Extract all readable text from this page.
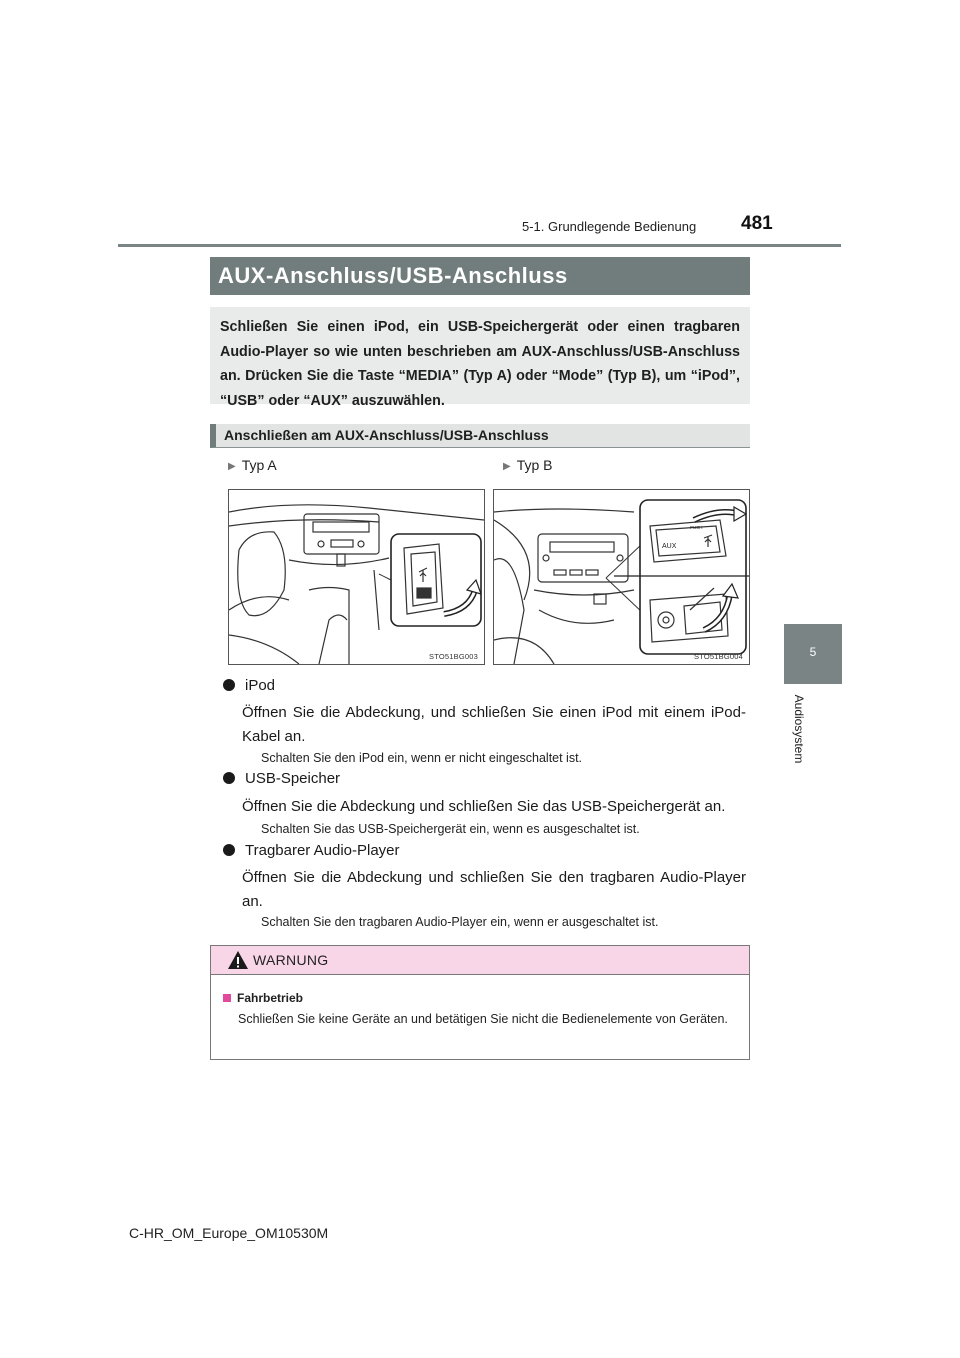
5-1. Grundlegende Bedienung 481
5
Audiosystem
AUX-Anschluss/USB-Anschluss
Schließen Sie einen iPod, ein USB-Speichergerät oder einen tragbaren Audio-Player so wie unten beschrieben am AUX-Anschluss/USB-Anschluss an. Drücken Sie die Taste “MEDIA” (Typ A) oder “Mode” (Typ B), um “iPod”, “USB” oder “AUX” auszuwählen.
Anschließen am AUX-Anschluss/USB-Anschluss
▶ Typ A	▶ Typ B
STO51BG003
AUX
PUSH
STO51BG004
iPod
Öffnen Sie die Abdeckung, und schließen Sie einen iPod mit einem iPod-Kabel an.
Schalten Sie den iPod ein, wenn er nicht eingeschaltet ist.
USB-Speicher
Öffnen Sie die Abdeckung und schließen Sie das USB-Speichergerät an.
Schalten Sie das USB-Speichergerät ein, wenn es ausgeschaltet ist.
Tragbarer Audio-Player
Öffnen Sie die Abdeckung und schließen Sie den tragbaren Audio-Player an.
Schalten Sie den tragbaren Audio-Player ein, wenn er ausgeschaltet ist.
WARNUNG
Fahrbetrieb
Schließen Sie keine Geräte an und betätigen Sie nicht die Bedienelemente von Geräten.
C-HR_OM_Europe_OM10530M
